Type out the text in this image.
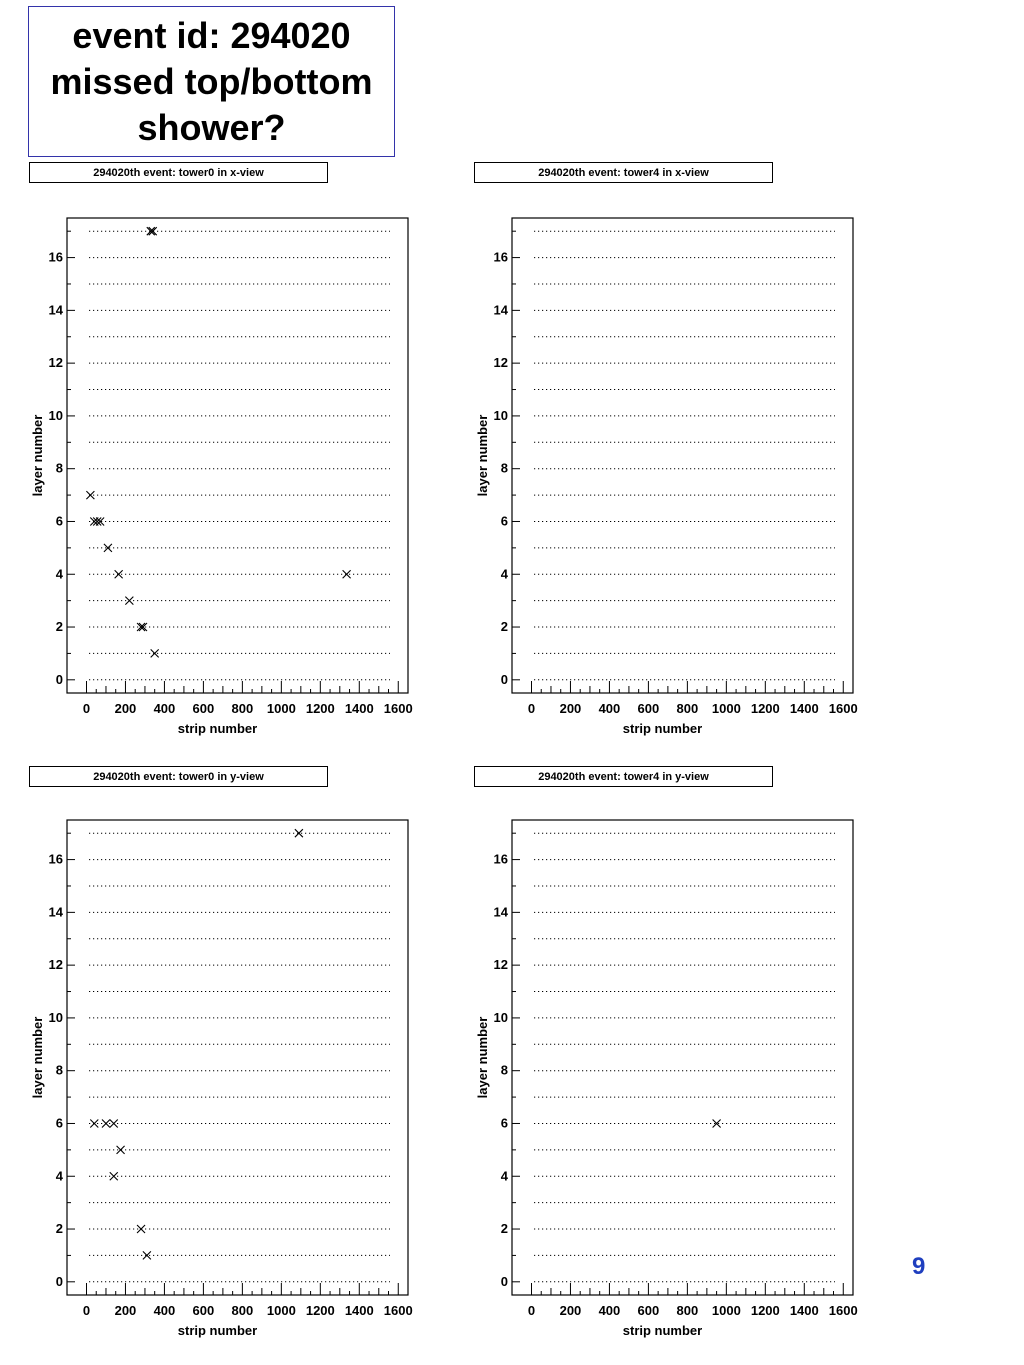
event id: 294020
missed top/bottom
shower?
294020th event: tower0 in x-view
0
2
4
6
8
10
12
14
16
0 200 400 600 800 1000 1200 1400 1600
strip number
layer number
294020th event: tower4 in x-view
0
2
4
6
8
10
12
14
16
0 200 400 600 800 1000 1200 1400 1600
strip number
layer number
294020th event: tower0 in y-view
0
2
4
6
8
10
12
14
16
0 200 400 600 800 1000 1200 1400 1600
strip number
layer number
294020th event: tower4 in y-view
0
2
4
6
8
10
12
14
16
0 200 400 600 800 1000 1200 1400 1600
strip number
layer number
9
